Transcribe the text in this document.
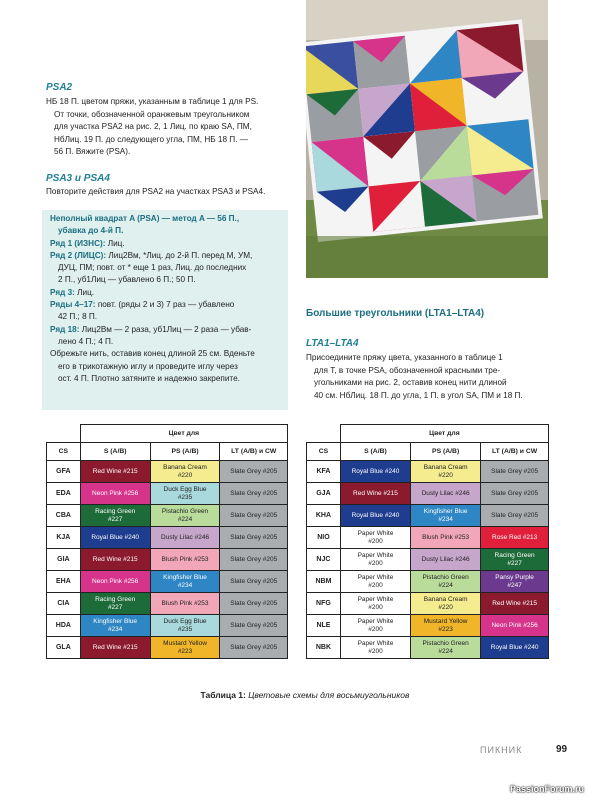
PSA2
НБ 18 П. цветом пряжи, указанным в таблице 1 для PS.
От точки, обозначенной оранжевым треугольником
для участка PSA2 на рис. 2, 1 Лиц. по краю SA, ПМ,
НбЛиц. 19 П. до следующего угла, ПМ, НБ 18 П. —
56 П. Вяжите (PSA).
PSA3 и PSA4
Повторите действия для PSA2 на участках PSA3 и PSA4.
Неполный квадрат A (PSA) — метод A — 56 П.,
убавка до 4-й П.
Ряд 1 (ИЗНС): Лиц.
Ряд 2 (ЛИЦС): Лиц2Вм, *Лиц. до 2-й П. перед М, УМ,
ДУЦ, ПМ; повт. от * еще 1 раз, Лиц. до последних
2 П., уб1Лиц — убавлено 6 П.; 50 П.
Ряд 3: Лиц.
Ряды 4–17: повт. (ряды 2 и 3) 7 раз — убавлено
42 П.; 8 П.
Ряд 18: Лиц2Вм — 2 раза, уб1Лиц — 2 раза — убав-
лено 4 П.; 4 П.
Обрежьте нить, оставив конец длиной 25 см. Вденьте
его в трикотажную иглу и проведите иглу через
ост. 4 П. Плотно затяните и надежно закрепите.
Большие треугольники (LTA1–LTA4)
LTA1–LTA4
Присоедините пряжу цвета, указанного в таблице 1
для Т, в точке PSA, обозначенной красными тре-
угольниками на рис. 2, оставив конец нити длиной
40 см. НбЛиц. 18 П. до угла, 1 П. в угол SA, ПМ и 18 П.
	Цвет для		
CS	S (A/B)	PS (A/B)	LT (A/B) и CW
GFA	Red Wine #215	Banana Cream
#220	Slate Grey #205
EDA	Neon Pink #256	Duck Egg Blue
#235	Slate Grey #205
CBA	Racing Green
#227	Pistachio Green
#224	Slate Grey #205
KJA	Royal Blue #240	Dusty Lilac #246	Slate Grey #205
GIA	Red Wine #215	Blush Pink #253	Slate Grey #205
EHA	Neon Pink #256	Kingfisher Blue
#234	Slate Grey #205
CIA	Racing Green
#227	Blush Pink #253	Slate Grey #205
HDA	Kingfisher Blue
#234	Duck Egg Blue
#235	Slate Grey #205
GLA	Red Wine #215	Mustard Yellow
#223	Slate Grey #205
	Цвет для		
CS	S (A/B)	PS (A/B)	LT (A/B) и CW
KFA	Royal Blue #240	Banana Cream
#220	Slate Grey #205
GJA	Red Wine #215	Dusty Lilac #246	Slate Grey #205
KHA	Royal Blue #240	Kingfisher Blue
#234	Slate Grey #205
NIO	Paper White
#200	Blush Pink #253	Rose Red #213
NJC	Paper White
#200	Dusty Lilac #246	Racing Green
#227
NBM	Paper White
#200	Pistachio Green
#224	Pansy Purple
#247
NFG	Paper White
#200	Banana Cream
#220	Red Wine #215
NLE	Paper White
#200	Mustard Yellow
#223	Neon Pink #256
NBK	Paper White
#200	Pistachio Green
#224	Royal Blue #240
Таблица 1: Цветовые схемы для восьмиугольников
ПИКНИК	99
PassionForum.ru
